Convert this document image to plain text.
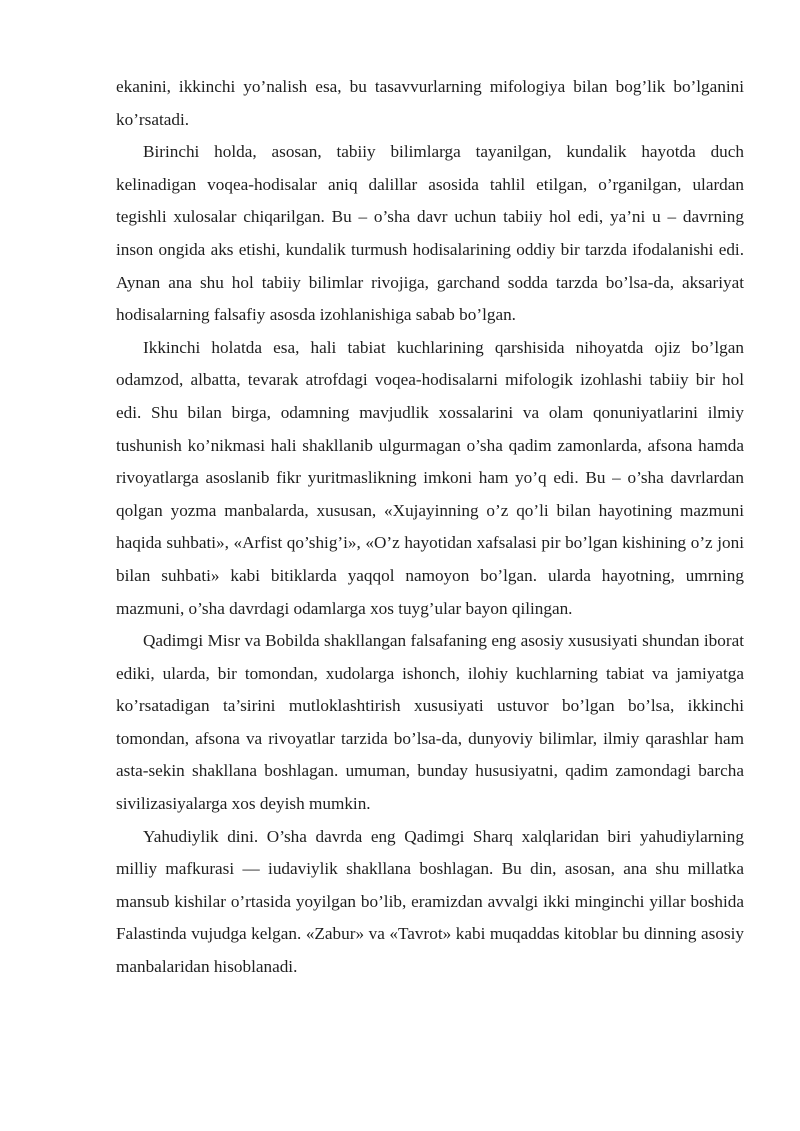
ekanini, ikkinchi yo’nalish esa, bu tasavvurlarning mifologiya bilan bog’lik bo’lganini ko’rsatadi.

Birinchi holda, asosan, tabiiy bilimlarga tayanilgan, kundalik hayotda duch kelinadigan voqea-hodisalar aniq dalillar asosida tahlil etilgan, o’rganilgan, ulardan tegishli xulosalar chiqarilgan. Bu – o’sha davr uchun tabiiy hol edi, ya’ni u – davrning inson ongida aks etishi, kundalik turmush hodisalarining oddiy bir tarzda ifodalanishi edi. Aynan ana shu hol tabiiy bilimlar rivojiga, garchand sodda tarzda bo’lsa-da, aksariyat hodisalarning falsafiy asosda izohlanishiga sabab bo’lgan.

Ikkinchi holatda esa, hali tabiat kuchlarining qarshisida nihoyatda ojiz bo’lgan odamzod, albatta, tevarak atrofdagi voqea-hodisalarni mifologik izohlashi tabiiy bir hol edi. Shu bilan birga, odamning mavjudlik xossalarini va olam qonuniyatlarini ilmiy tushunish ko’nikmasi hali shakllanib ulgurmagan o’sha qadim zamonlarda, afsona hamda rivoyatlarga asoslanib fikr yuritmaslikning imkoni ham yo’q edi. Bu – o’sha davrlardan qolgan yozma manbalarda, xususan, «Xujayinning o’z qo’li bilan hayotining mazmuni haqida suhbati», «Arfist qo’shig’i», «O’z hayotidan xafsalasi pir bo’lgan kishining o’z joni bilan suhbati» kabi bitiklarda yaqqol namoyon bo’lgan. ularda hayotning, umrning mazmuni, o’sha davrdagi odamlarga xos tuyg’ular bayon qilingan.

Qadimgi Misr va Bobilda shakllangan falsafaning eng asosiy xususiyati shundan iborat ediki, ularda, bir tomondan, xudolarga ishonch, ilohiy kuchlarning tabiat va jamiyatga ko’rsatadigan ta’sirini mutloklashtirish xususiyati ustuvor bo’lgan bo’lsa, ikkinchi tomondan, afsona va rivoyatlar tarzida bo’lsa-da, dunyoviy bilimlar, ilmiy qarashlar ham asta-sekin shakllana boshlagan. umuman, bunday hususiyatni, qadim zamondagi barcha sivilizasiyalarga xos deyish mumkin.

Yahudiylik dini. O’sha davrda eng Qadimgi Sharq xalqlaridan biri yahudiylarning milliy mafkurasi — iudaviylik shakllana boshlagan. Bu din, asosan, ana shu millatka mansub kishilar o’rtasida yoyilgan bo’lib, eramizdan avvalgi ikki minginchi yillar boshida Falastinda vujudga kelgan. «Zabur» va «Tavrot» kabi muqaddas kitoblar bu dinning asosiy manbalaridan hisoblanadi.
